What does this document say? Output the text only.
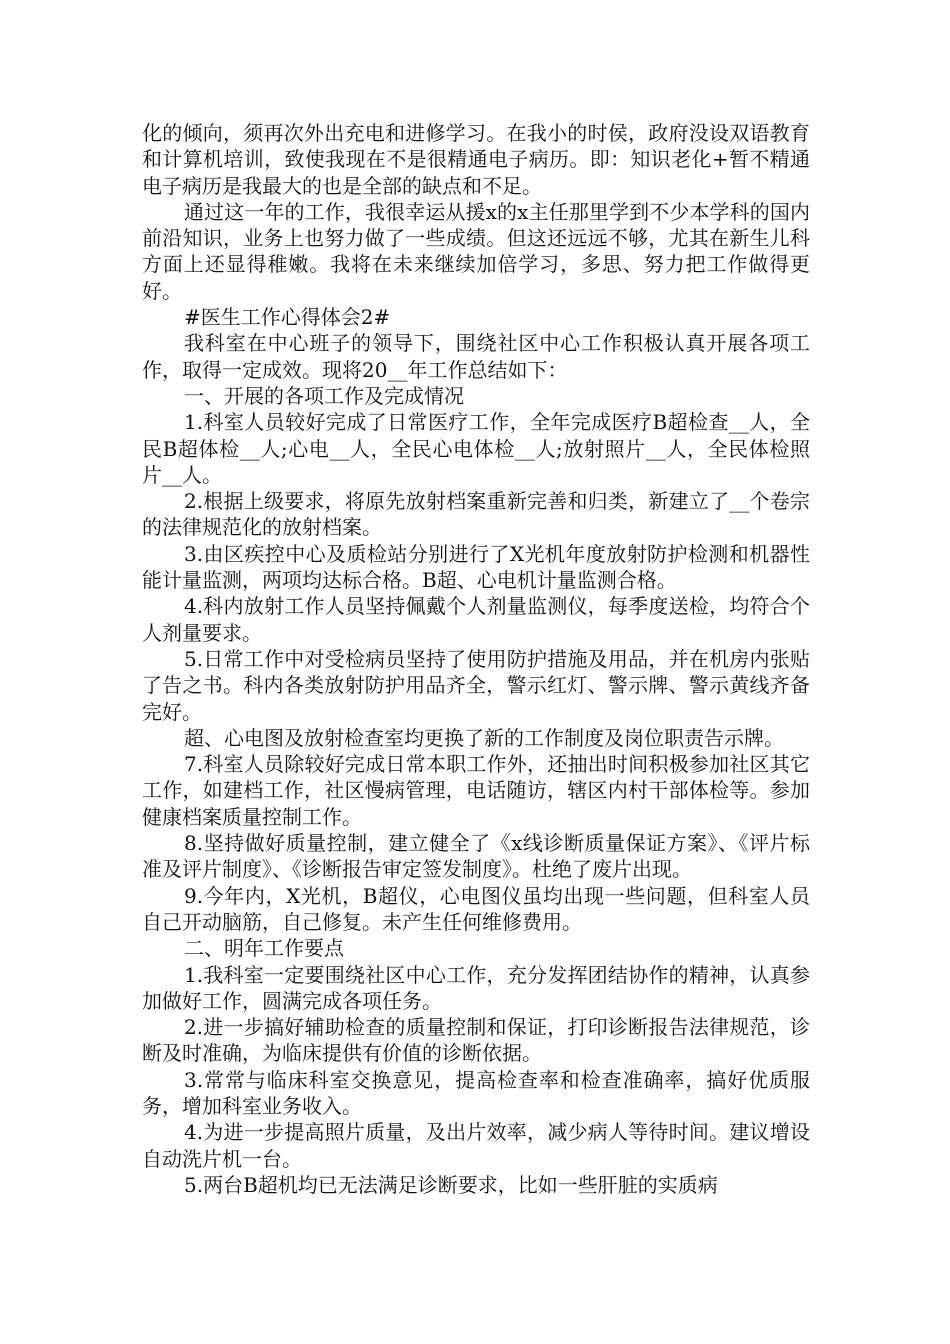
化的倾向，须再次外出充电和进修学习。在我小的时侯，政府没设双语教育和计算机培训，致使我现在不是很精通电子病历。即：知识老化+暂不精通电子病历是我最大的也是全部的缺点和不足。

通过这一年的工作，我很幸运从援x的x主任那里学到不少本学科的国内前沿知识，业务上也努力做了一些成绩。但这还远远不够，尤其在新生儿科方面上还显得稚嫩。我将在未来继续加倍学习，多思、努力把工作做得更好。

#医生工作心得体会2#

我科室在中心班子的领导下，围绕社区中心工作积极认真开展各项工作，取得一定成效。现将20__年工作总结如下：

一、开展的各项工作及完成情况

1.科室人员较好完成了日常医疗工作，全年完成医疗B超检查__人，全民B超体检__人;心电__人，全民心电体检__人;放射照片__人，全民体检照片__人。

2.根据上级要求，将原先放射档案重新完善和归类，新建立了__个卷宗的法律规范化的放射档案。

3.由区疾控中心及质检站分别进行了X光机年度放射防护检测和机器性能计量监测，两项均达标合格。B超、心电机计量监测合格。

4.科内放射工作人员坚持佩戴个人剂量监测仪，每季度送检，均符合个人剂量要求。

5.日常工作中对受检病员坚持了使用防护措施及用品，并在机房内张贴了告之书。科内各类放射防护用品齐全，警示红灯、警示牌、警示黄线齐备完好。

超、心电图及放射检查室均更换了新的工作制度及岗位职责告示牌。

7.科室人员除较好完成日常本职工作外，还抽出时间积极参加社区其它工作，如建档工作，社区慢病管理，电话随访，辖区内村干部体检等。参加健康档案质量控制工作。

8.坚持做好质量控制，建立健全了《x线诊断质量保证方案》、《评片标准及评片制度》、《诊断报告审定签发制度》。杜绝了废片出现。

9.今年内，X光机，B超仪，心电图仪虽均出现一些问题，但科室人员自己开动脑筋，自己修复。未产生任何维修费用。

二、明年工作要点

1.我科室一定要围绕社区中心工作，充分发挥团结协作的精神，认真参加做好工作，圆满完成各项任务。

2.进一步搞好辅助检查的质量控制和保证，打印诊断报告法律规范，诊断及时准确，为临床提供有价值的诊断依据。

3.常常与临床科室交换意见，提高检查率和检查准确率，搞好优质服务，增加科室业务收入。

4.为进一步提高照片质量，及出片效率，减少病人等待时间。建议增设自动洗片机一台。

5.两台B超机均已无法满足诊断要求，比如一些肝脏的实质病
